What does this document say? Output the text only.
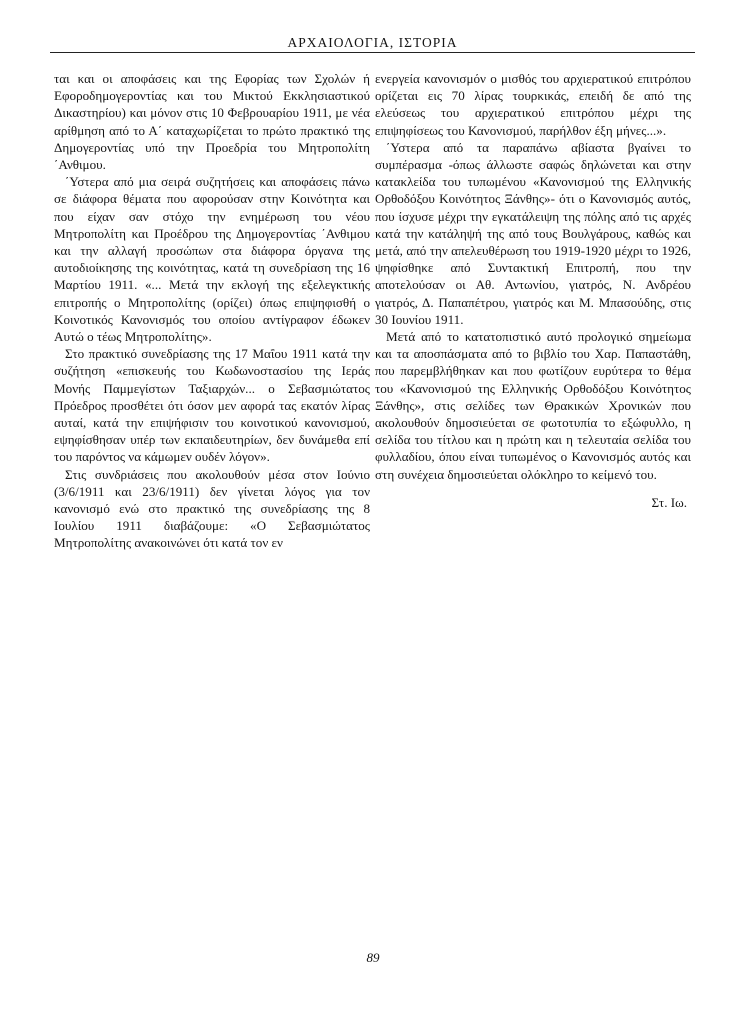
ΑΡΧΑΙΟΛΟΓΙΑ, ΙΣΤΟΡΙΑ

ται και οι αποφάσεις και της Εφορίας των Σχολών ή Εφοροδημογεροντίας και του Μικτού Εκκλησιαστικού Δικαστηρίου) και μόνον στις 10 Φεβρουαρίου 1911, με νέα αρίθμηση από το Α΄ καταχωρίζεται το πρώτο πρακτικό της Δημογεροντίας υπό την Προεδρία του Μητροπολίτη ΄Ανθιμου.

΄Υστερα από μια σειρά συζητήσεις και αποφάσεις πάνω σε διάφορα θέματα που αφορούσαν στην Κοινότητα και που είχαν σαν στόχο την ενημέρωση του νέου Μητροπολίτη και Προέδρου της Δημογεροντίας ΄Ανθιμου και την αλλαγή προσώπων στα διάφορα όργανα της αυτοδιοίκησης της κοινότητας, κατά τη συνεδρίαση της 16 Μαρτίου 1911. «... Μετά την εκλογή της εξελεγκτικής επιτροπής ο Μητροπολίτης (ορίζει) όπως επιψηφισθή ο Κοινοτικός Κανονισμός του οποίου αντίγραφον έδωκεν Αυτώ ο τέως Μητροπολίτης».

Στο πρακτικό συνεδρίασης της 17 Μαΐου 1911 κατά την συζήτηση «επισκευής του Κωδωνοστασίου της Ιεράς Μονής Παμμεγίστων Ταξιαρχών... ο Σεβασμιώτατος Πρόεδρος προσθέτει ότι όσον μεν αφορά τας εκατόν λίρας αυταί, κατά την επιψήφισιν του κοινοτικού κανονισμού, εψηφίσθησαν υπέρ των εκπαιδευτηρίων, δεν δυνάμεθα επί του παρόντος να κάμωμεν ουδέν λόγον».

Στις συνδριάσεις που ακολουθούν μέσα στον Ιούνιο (3/6/1911 και 23/6/1911) δεν γίνεται λόγος για τον κανονισμό ενώ στο πρακτικό της συνεδρίασης της 8 Ιουλίου 1911 διαβάζουμε: «Ο Σεβασμιώτατος Μητροπολίτης ανακοινώνει ότι κατά τον εν

ενεργεία κανονισμόν ο μισθός του αρχιερατικού επιτρόπου ορίζεται εις 70 λίρας τουρκικάς, επειδή δε από της ελεύσεως του αρχιερατικού επιτρόπου μέχρι της επιψηφίσεως του Κανονισμού, παρήλθον έξη μήνες...».

΄Υστερα από τα παραπάνω αβίαστα βγαίνει το συμπέρασμα -όπως άλλωστε σαφώς δηλώνεται και στην κατακλείδα του τυπωμένου «Κανονισμού της Ελληνικής Ορθοδόξου Κοινότητος Ξάνθης»- ότι ο Κανονισμός αυτός, που ίσχυσε μέχρι την εγκατάλειψη της πόλης από τις αρχές κατά την κατάληψή της από τους Βουλγάρους, καθώς και μετά, από την απελευθέρωση του 1919-1920 μέχρι το 1926, ψηφίσθηκε από Συντακτική Επιτροπή, που την αποτελούσαν οι Αθ. Αντωνίου, γιατρός, Ν. Ανδρέου γιατρός, Δ. Παπαπέτρου, γιατρός και Μ. Μπασούδης, στις 30 Ιουνίου 1911.

Μετά από το κατατοπιστικό αυτό προλογικό σημείωμα και τα αποσπάσματα από το βιβλίο του Χαρ. Παπαστάθη, που παρεμβλήθηκαν και που φωτίζουν ευρύτερα το θέμα του «Κανονισμού της Ελληνικής Ορθοδόξου Κοινότητος Ξάνθης», στις σελίδες των Θρακικών Χρονικών που ακολουθούν δημοσιεύεται σε φωτοτυπία το εξώφυλλο, η σελίδα του τίτλου και η πρώτη και η τελευταία σελίδα του φυλλαδίου, όπου είναι τυπωμένος ο Κανονισμός αυτός και στη συνέχεια δημοσιεύεται ολόκληρο το κείμενό του.

Στ. Ιω.
89
